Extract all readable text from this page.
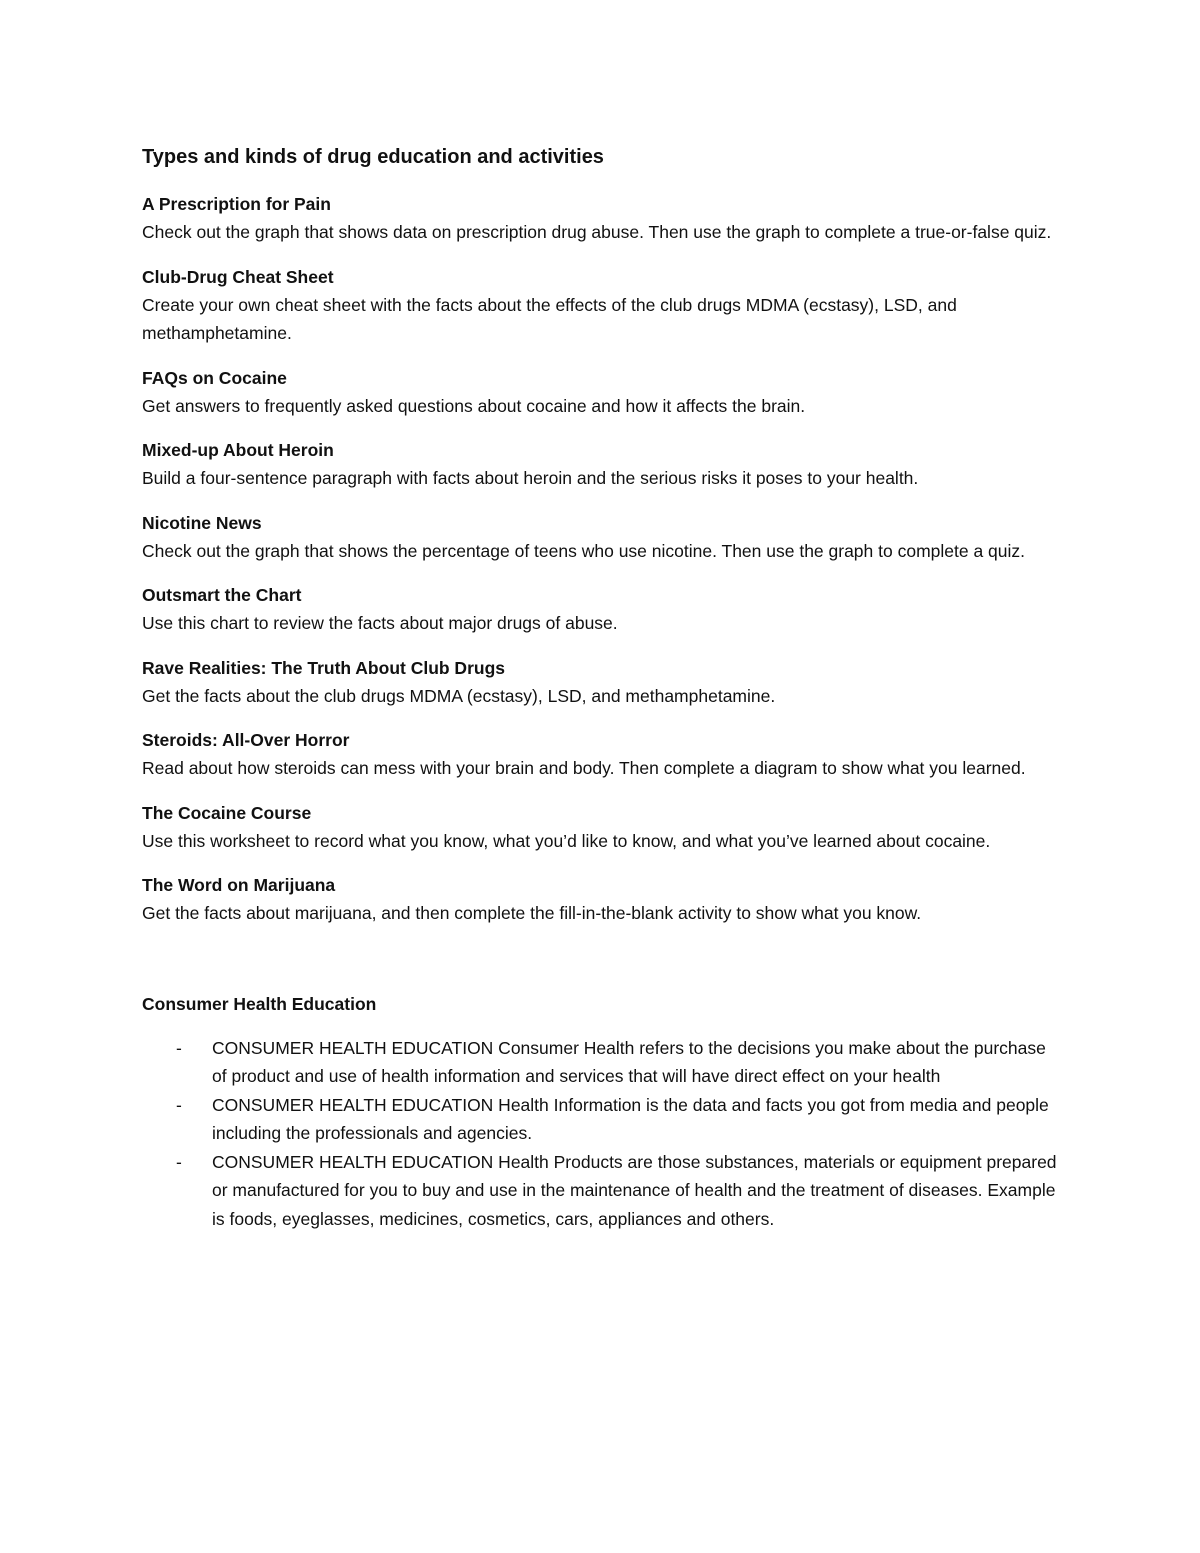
Types and kinds of drug education and activities
A Prescription for Pain
Check out the graph that shows data on prescription drug abuse. Then use the graph to complete a true-or-false quiz.
Club-Drug Cheat Sheet
Create your own cheat sheet with the facts about the effects of the club drugs MDMA (ecstasy), LSD, and methamphetamine.
FAQs on Cocaine
Get answers to frequently asked questions about cocaine and how it affects the brain.
Mixed-up About Heroin
Build a four-sentence paragraph with facts about heroin and the serious risks it poses to your health.
Nicotine News
Check out the graph that shows the percentage of teens who use nicotine. Then use the graph to complete a quiz.
Outsmart the Chart
Use this chart to review the facts about major drugs of abuse.
Rave Realities: The Truth About Club Drugs
Get the facts about the club drugs MDMA (ecstasy), LSD, and methamphetamine.
Steroids: All-Over Horror
Read about how steroids can mess with your brain and body. Then complete a diagram to show what you learned.
The Cocaine Course
Use this worksheet to record what you know, what you’d like to know, and what you’ve learned about cocaine.
The Word on Marijuana
Get the facts about marijuana, and then complete the fill-in-the-blank activity to show what you know.
Consumer Health Education
- CONSUMER HEALTH EDUCATION Consumer Health refers to the decisions you make about the purchase of product and use of health information and services that will have direct effect on your health
- CONSUMER HEALTH EDUCATION Health Information is the data and facts you got from media and people including the professionals and agencies.
- CONSUMER HEALTH EDUCATION Health Products are those substances, materials or equipment prepared or manufactured for you to buy and use in the maintenance of health and the treatment of diseases. Example is foods, eyeglasses, medicines, cosmetics, cars, appliances and others.
